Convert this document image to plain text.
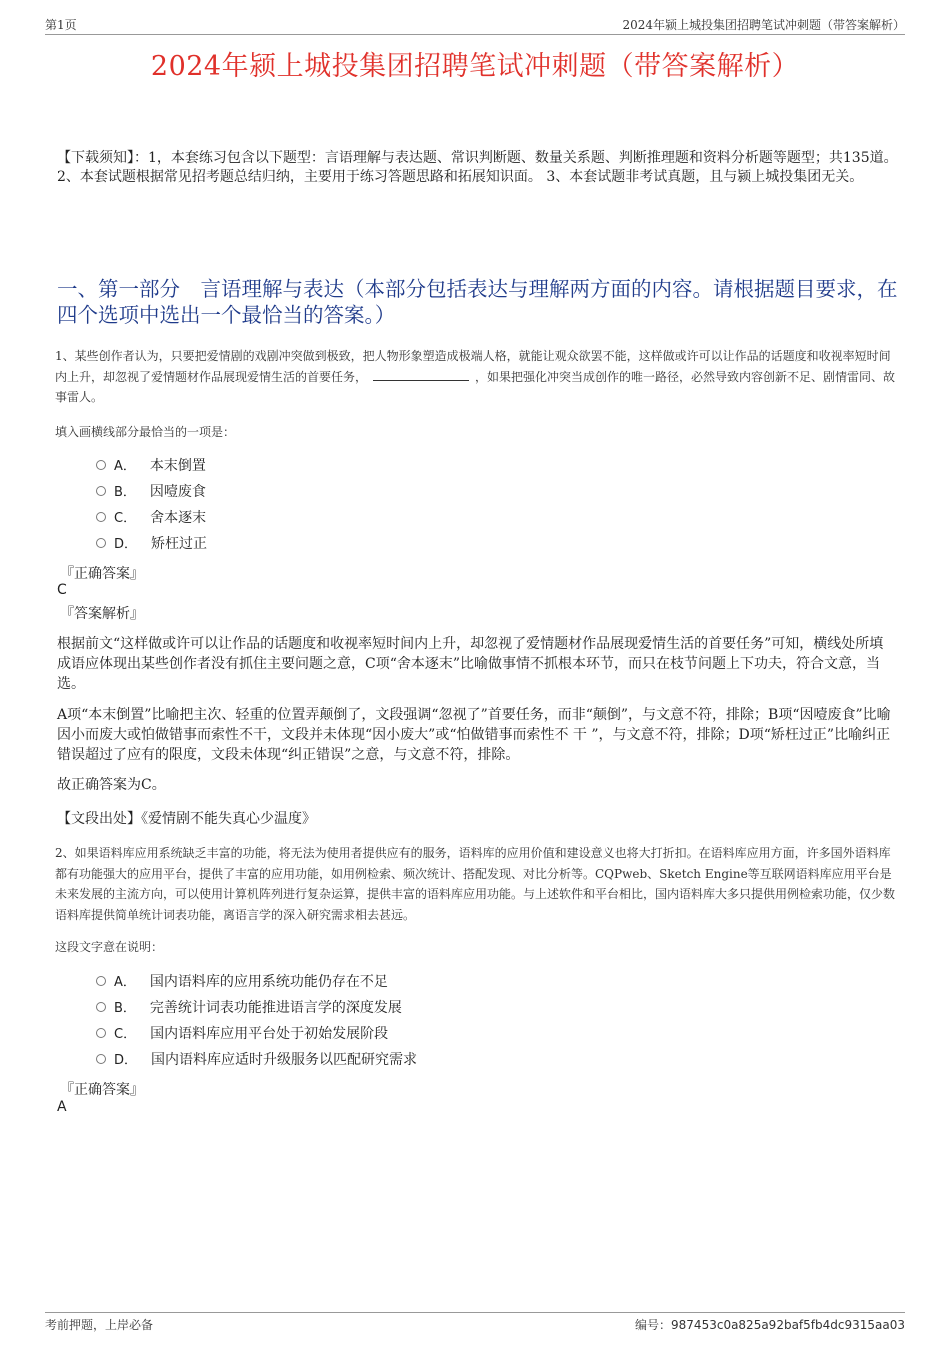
第1页	2024年颍上城投集团招聘笔试冲刺题（带答案解析）
2024年颍上城投集团招聘笔试冲刺题（带答案解析）
【下载须知】：1，本套练习包含以下题型：言语理解与表达题、常识判断题、数量关系题、判断推理题和资料分析题等题型；共135道。 2、本套试题根据常见招考题总结归纳，主要用于练习答题思路和拓展知识面。 3、本套试题非考试真题，且与颍上城投集团无关。
一、第一部分　言语理解与表达（本部分包括表达与理解两方面的内容。请根据题目要求，在四个选项中选出一个最恰当的答案。）
1、某些创作者认为，只要把爱情剧的戏剧冲突做到极致，把人物形象塑造成极端人格，就能让观众欲罢不能，这样做或许可以让作品的话题度和收视率短时间内上升，却忽视了爱情题材作品展现爱情生活的首要任务，	，如果把强化冲突当成创作的唯一路径，必然导致内容创新不足、剧情雷同、故事雷人。
填入画横线部分最恰当的一项是：
A． 本末倒置
B． 因噎废食
C． 舍本逐末
D． 矫枉过正
『正确答案』
C
『答案解析』
根据前文“这样做或许可以让作品的话题度和收视率短时间内上升，却忽视了爱情题材作品展现爱情生活的首要任务”可知，横线处所填成语应体现出某些创作者没有抓住主要问题之意，C项“舍本逐末”比喻做事情不抓根本环节，而只在枝节问题上下功夫，符合文意，当选。
A项“本末倒置”比喻把主次、轻重的位置弄颠倒了，文段强调“忽视了”首要任务，而非“颠倒”，与文意不符，排除；B项“因噎废食”比喻因小而废大或怕做错事而索性不干，文段并未体现“因小废大”或“怕做错事而索性不 干 ”，与文意不符，排除；D项“矫枉过正”比喻纠正错误超过了应有的限度，文段未体现“纠正错误”之意，与文意不符，排除。
故正确答案为C。
【文段出处】《爱情剧不能失真心少温度》
2、如果语料库应用系统缺乏丰富的功能，将无法为使用者提供应有的服务，语料库的应用价值和建设意义也将大打折扣。在语料库应用方面，许多国外语料库都有功能强大的应用平台，提供了丰富的应用功能，如用例检索、频次统计、搭配发现、对比分析等。CQPweb、Sketch Engine等互联网语料库应用平台是未来发展的主流方向，可以使用计算机阵列进行复杂运算，提供丰富的语料库应用功能。与上述软件和平台相比，国内语料库大多只提供用例检索功能，仅少数语料库提供简单统计词表功能，离语言学的深入研究需求相去甚远。
这段文字意在说明：
A． 国内语料库的应用系统功能仍存在不足
B． 完善统计词表功能推进语言学的深度发展
C． 国内语料库应用平台处于初始发展阶段
D． 国内语料库应适时升级服务以匹配研究需求
『正确答案』
A
考前押题，上岸必备	编号：987453c0a825a92baf5fb4dc9315aa03
